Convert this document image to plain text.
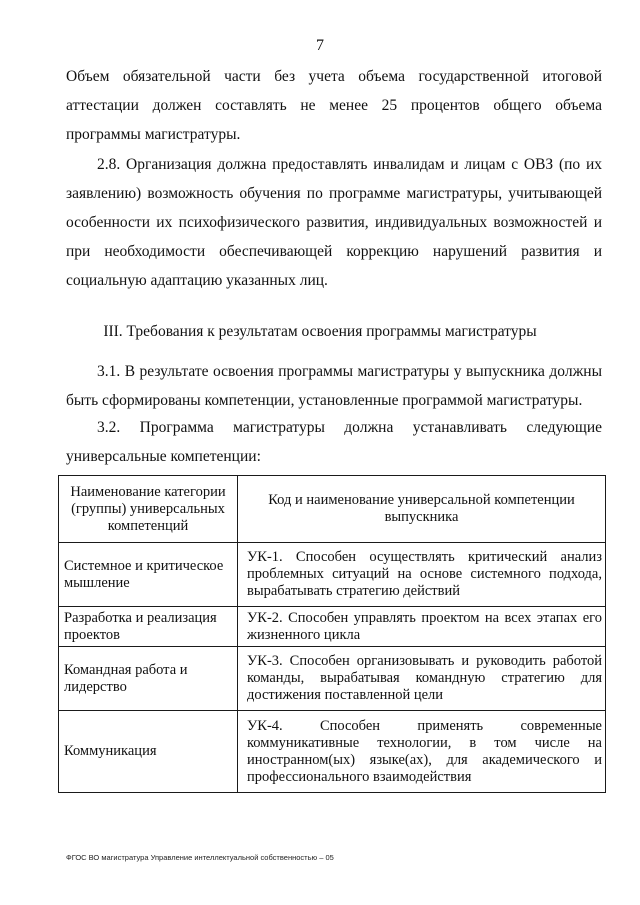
7

Объем обязательной части без учета объема государственной итоговой аттестации должен составлять не менее 25 процентов общего объема программы магистратуры.

2.8. Организация должна предоставлять инвалидам и лицам с ОВЗ (по их заявлению) возможность обучения по программе магистратуры, учитывающей особенности их психофизического развития, индивидуальных возможностей и при необходимости обеспечивающей коррекцию нарушений развития и социальную адаптацию указанных лиц.

III. Требования к результатам освоения программы магистратуры

3.1. В результате освоения программы магистратуры у выпускника должны быть сформированы компетенции, установленные программой магистратуры.

3.2. Программа магистратуры должна устанавливать следующие универсальные компетенции:

Наименование категории (группы) универсальных компетенций	Код и наименование универсальной компетенции выпускника
Системное и критическое мышление	УК-1. Способен осуществлять критический анализ проблемных ситуаций на основе системного подхода, вырабатывать стратегию действий
Разработка и реализация проектов	УК-2. Способен управлять проектом на всех этапах его жизненного цикла
Командная работа и лидерство	УК-3. Способен организовывать и руководить работой команды, вырабатывая командную стратегию для достижения поставленной цели
Коммуникация	УК-4. Способен применять современные коммуникативные технологии, в том числе на иностранном(ых) языке(ах), для академического и профессионального взаимодействия
ФГОС ВО магистратура Управление интеллектуальной собственностью – 05
